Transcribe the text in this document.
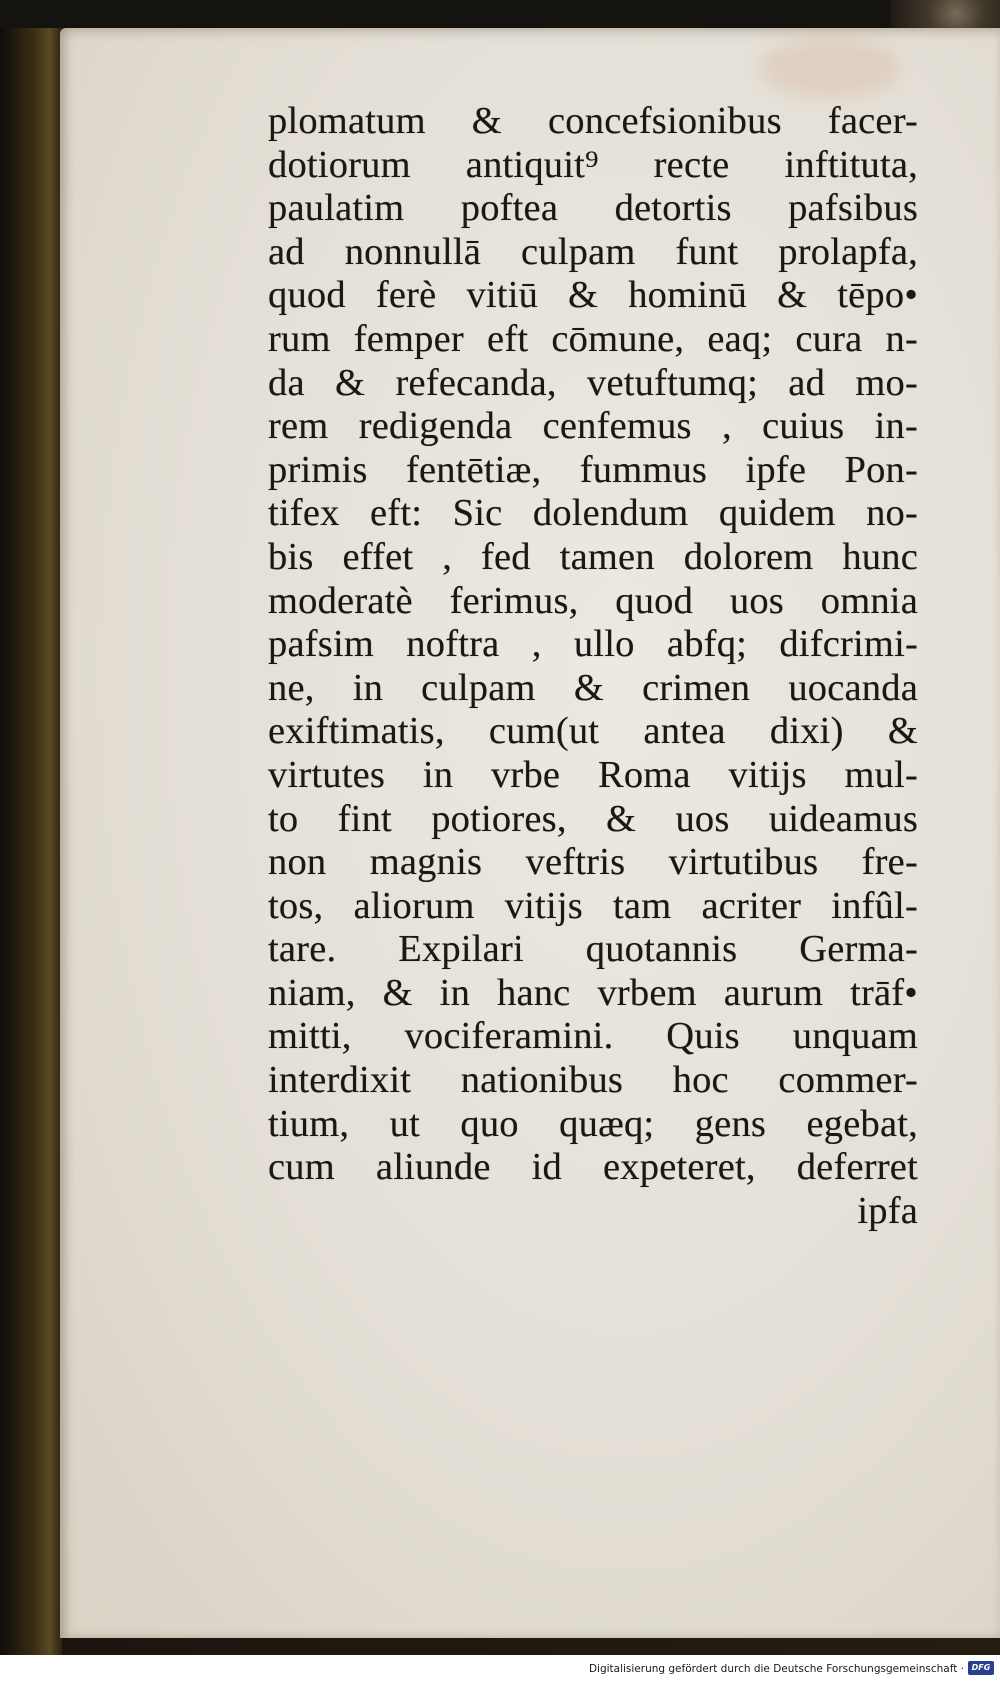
plomatum & concefsionibus facer-
dotiorum antiquit⁹ recte inftituta,
paulatim poftea detortis pafsibus
ad nonnullā culpam funt prolapfa,
quod ferè vitiū & hominū & tēpo•
rum femper eft cōmune, eaq; cura n-
da & refecanda, vetuftumq; ad mo-
rem redigenda cenfemus , cuius in-
primis fentētiæ, fummus ipfe Pon-
tifex eft: Sic dolendum quidem no-
bis effet , fed tamen dolorem hunc
moderatè ferimus, quod uos omnia
pafsim noftra , ullo abfq; difcrimi-
ne, in culpam & crimen uocanda
exiftimatis, cum(ut antea dixi) &
virtutes in vrbe Roma vitijs mul-
to fint potiores, & uos uideamus
non magnis veftris virtutibus fre-
tos, aliorum vitijs tam acriter infûl-
tare. Expilari quotannis Germa-
niam, & in hanc vrbem aurum trāf•
mitti, vociferamini. Quis unquam
interdixit nationibus hoc commer-
tium, ut quo quæq; gens egebat,
cum aliunde id expeteret, deferret
ipfa
Digitalisierung gefördert durch die Deutsche Forschungsgemeinschaft · DFG
